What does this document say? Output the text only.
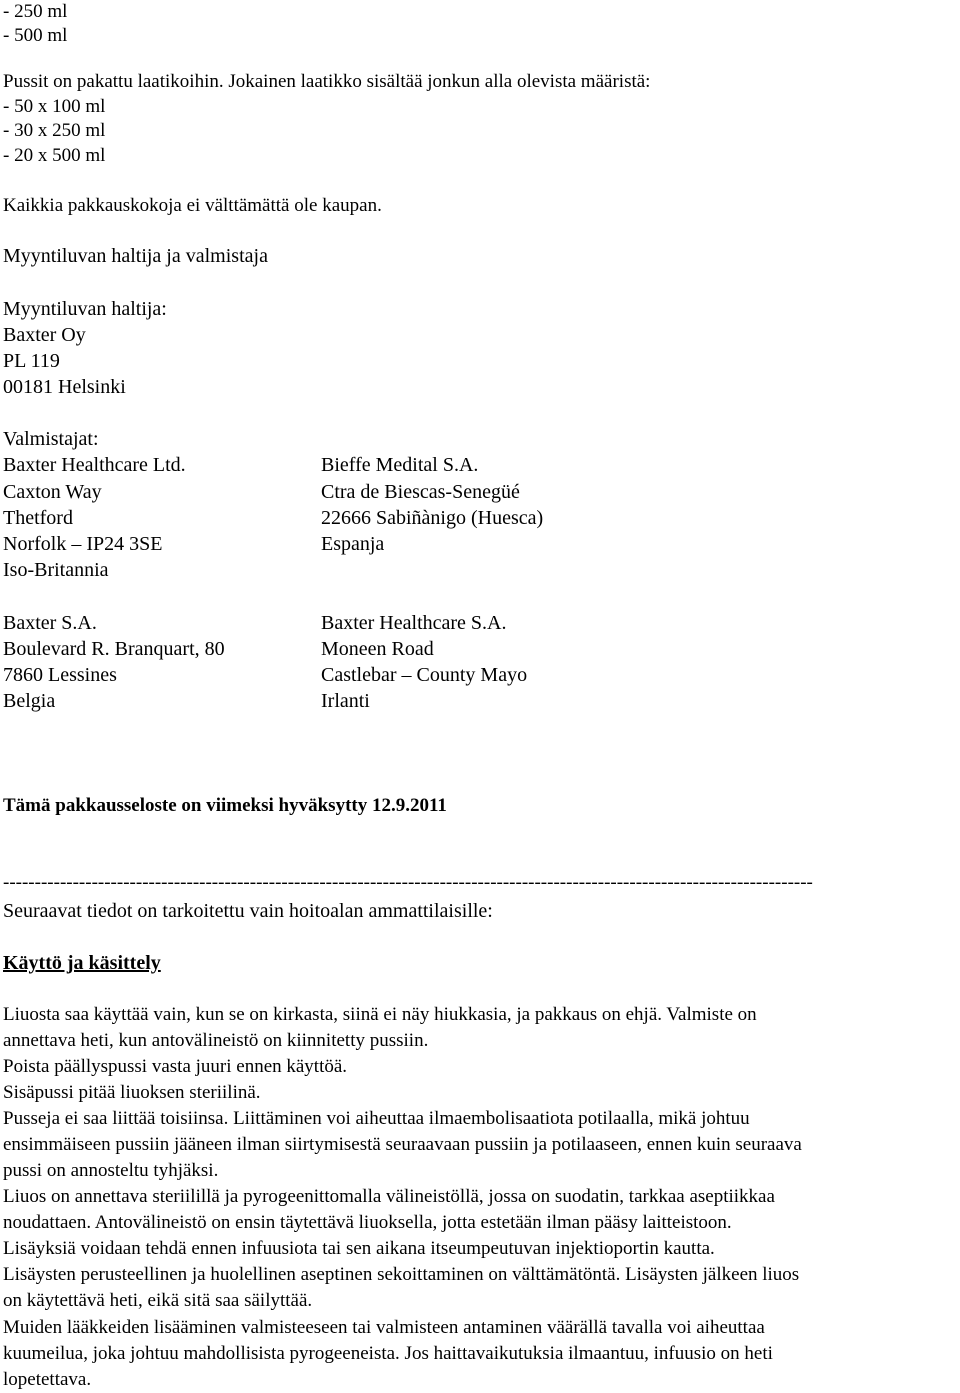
- 250 ml
- 500 ml
Pussit on pakattu laatikoihin. Jokainen laatikko sisältää jonkun alla olevista määristä:
- 50 x 100 ml
- 30 x 250 ml
- 20 x 500 ml
Kaikkia pakkauskokoja ei välttämättä ole kaupan.
Myyntiluvan haltija ja valmistaja
Myyntiluvan haltija:
Baxter Oy
PL 119
00181 Helsinki
Valmistajat:
Baxter Healthcare Ltd.
Caxton Way
Thetford
Norfolk – IP24 3SE
Iso-Britannia
Bieffe Medital S.A.
Ctra de Biescas-Senegüé
22666 Sabiñànigo (Huesca)
Espanja
Baxter S.A.
Boulevard R. Branquart, 80
7860 Lessines
Belgia
Baxter Healthcare S.A.
Moneen Road
Castlebar – County Mayo
Irlanti
Tämä pakkausseloste on viimeksi hyväksytty 12.9.2011
--------------------------------------------------------------------------------------------------------------------------------
Seuraavat tiedot on tarkoitettu vain hoitoalan ammattilaisille:
Käyttö ja käsittely
Liuosta saa käyttää vain, kun se on kirkasta, siinä ei näy hiukkasia, ja pakkaus on ehjä. Valmiste on
annettava heti, kun antovälineistö on kiinnitetty pussiin.
Poista päällyspussi vasta juuri ennen käyttöä.
Sisäpussi pitää liuoksen steriilinä.
Pusseja ei saa liittää toisiinsa. Liittäminen voi aiheuttaa ilmaembolisaatiota potilaalla, mikä johtuu
ensimmäiseen pussiin jääneen ilman siirtymisestä seuraavaan pussiin ja potilaaseen, ennen kuin seuraava
pussi on annosteltu tyhjäksi.
Liuos on annettava steriilillä ja pyrogeenittomalla välineistöllä, jossa on suodatin, tarkkaa aseptiikkaa
noudattaen. Antovälineistö on ensin täytettävä liuoksella, jotta estetään ilman pääsy laitteistoon.
Lisäyksiä voidaan tehdä ennen infuusiota tai sen aikana itseumpeutuvan injektioportin kautta.
Lisäysten perusteellinen ja huolellinen aseptinen sekoittaminen on välttämätöntä. Lisäysten jälkeen liuos
on käytettävä heti, eikä sitä saa säilyttää.
Muiden lääkkeiden lisääminen valmisteeseen tai valmisteen antaminen väärällä tavalla voi aiheuttaa
kuumeilua, joka johtuu mahdollisista pyrogeeneista. Jos haittavaikutuksia ilmaantuu, infuusio on heti
lopetettava.
